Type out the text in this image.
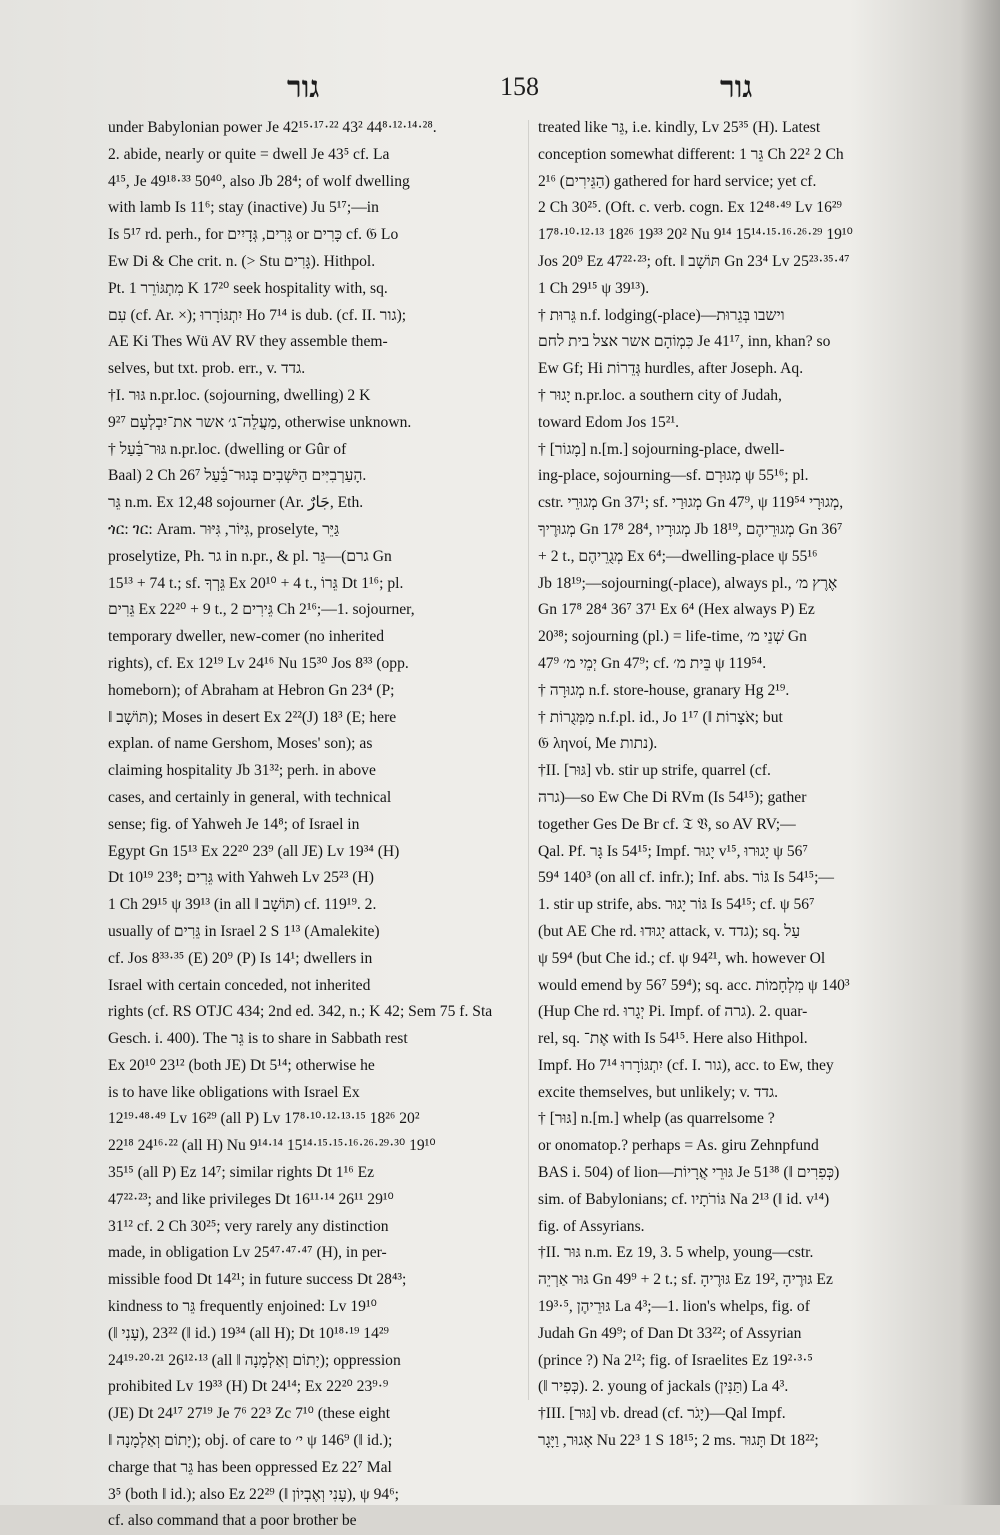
גור	158	גור
under Babylonian power Je 42¹⁵·¹⁷·²² 43² 44⁸·¹²·¹⁴·²⁸.
2. abide, nearly or quite = dwell Je 43⁵ cf. La
4¹⁵, Je 49¹⁸·³³ 50⁴⁰, also Jb 28⁴; of wolf dwelling
with lamb Is 11⁶; stay (inactive) Ju 5¹⁷;—in
Is 5¹⁷ rd. perh., for גָּרִים, גְּדָיִים or כָּרִים cf. 𝔊 Lo
Ew Di & Che crit. n. (> Stu גָּרִים). Hithpol.
Pt. מִתְגּוֹרֵר 1 K 17²⁰ seek hospitality with, sq.
עִם (cf. Ar. ×); יִתְגּוֹרָרוּ Ho 7¹⁴ is dub. (cf. II. גור);
AE Ki Thes Wü AV RV they assemble them-
selves, but txt. prob. err., v. גדד.
†I. גּוּר n.pr.loc. (sojourning, dwelling) 2 K
9²⁷ מַעֲלֵה־ג׳ אשר את־יִבְלְעָם, otherwise unknown.
† גּוּר־בַּ֫עַל n.pr.loc. (dwelling or Gûr of
Baal) 2 Ch 26⁷ הָעַרְבִיִּים הַיֹּשְׁבִים בְּגוּר־בַּ֫עַל.
גֵּר n.m. Ex 12,48 sojourner (Ar. جَارٌ, Eth.
ጎር: ገር: Aram. גִּיּוֹר, גִּיּוּר, proselyte, גַּיֵּר
proselytize, Ph. גר in n.pr., & pl. גרם)—גֵּר Gn
15¹³ + 74 t.; sf. גֵּרְךָ Ex 20¹⁰ + 4 t., גֵּרוֹ Dt 1¹⁶; pl.
גֵּרִים Ex 22²⁰ + 9 t., גֵּירִים 2 Ch 2¹⁶;—1. sojourner,
temporary dweller, new-comer (no inherited
rights), cf. Ex 12¹⁹ Lv 24¹⁶ Nu 15³⁰ Jos 8³³ (opp.
homeborn); of Abraham at Hebron Gn 23⁴ (P;
‖ תּוֹשָׁב); Moses in desert Ex 2²²(J) 18³ (E; here
explan. of name Gershom, Moses' son); as
claiming hospitality Jb 31³²; perh. in above
cases, and certainly in general, with technical
sense; fig. of Yahweh Je 14⁸; of Israel in
Egypt Gn 15¹³ Ex 22²⁰ 23⁹ (all JE) Lv 19³⁴ (H)
Dt 10¹⁹ 23⁸; גֵּרִים with Yahweh Lv 25²³ (H)
1 Ch 29¹⁵ ψ 39¹³ (in all ‖ תּוֹשָׁב) cf. 119¹⁹. 2.
usually of גֵּרִים in Israel 2 S 1¹³ (Amalekite)
cf. Jos 8³³·³⁵ (E) 20⁹ (P) Is 14¹; dwellers in
Israel with certain conceded, not inherited
rights (cf. RS OTJC 434; 2nd ed. 342, n.; K 42; Sem 75 f. Sta
Gesch. i. 400). The גֵּר is to share in Sabbath rest
Ex 20¹⁰ 23¹² (both JE) Dt 5¹⁴; otherwise he
is to have like obligations with Israel Ex
12¹⁹·⁴⁸·⁴⁹ Lv 16²⁹ (all P) Lv 17⁸·¹⁰·¹²·¹³·¹⁵ 18²⁶ 20²
22¹⁸ 24¹⁶·²² (all H) Nu 9¹⁴·¹⁴ 15¹⁴·¹⁵·¹⁵·¹⁶·²⁶·²⁹·³⁰ 19¹⁰
35¹⁵ (all P) Ez 14⁷; similar rights Dt 1¹⁶ Ez
47²²·²³; and like privileges Dt 16¹¹·¹⁴ 26¹¹ 29¹⁰
31¹² cf. 2 Ch 30²⁵; very rarely any distinction
made, in obligation Lv 25⁴⁷·⁴⁷·⁴⁷ (H), in per-
missible food Dt 14²¹; in future success Dt 28⁴³;
kindness to גֵּר frequently enjoined: Lv 19¹⁰
(‖ עָנִי), 23²² (‖ id.) 19³⁴ (all H); Dt 10¹⁸·¹⁹ 14²⁹
24¹⁹·²⁰·²¹ 26¹²·¹³ (all ‖ יָתוֹם וְאַלְמָנָה); oppression
prohibited Lv 19³³ (H) Dt 24¹⁴; Ex 22²⁰ 23⁹·⁹
(JE) Dt 24¹⁷ 27¹⁹ Je 7⁶ 22³ Zc 7¹⁰ (these eight
‖ יָתוֹם וְאַלְמָנָה); obj. of care to י׳ ψ 146⁹ (‖ id.);
charge that גֵּר has been oppressed Ez 22⁷ Mal
3⁵ (both ‖ id.); also Ez 22²⁹ (‖ עָנִי וְאֶבְיוֹן), ψ 94⁶;
cf. also command that a poor brother be
treated like גֵּר, i.e. kindly, Lv 25³⁵ (H). Latest
conception somewhat different: גֵּר 1 Ch 22² 2 Ch
2¹⁶ (הַגֵּירִים) gathered for hard service; yet cf.
2 Ch 30²⁵. (Oft. c. verb. cogn. Ex 12⁴⁸·⁴⁹ Lv 16²⁹
17⁸·¹⁰·¹²·¹³ 18²⁶ 19³³ 20² Nu 9¹⁴ 15¹⁴·¹⁵·¹⁶·²⁶·²⁹ 19¹⁰
Jos 20⁹ Ez 47²²·²³; oft. ‖ תּוֹשָׁב Gn 23⁴ Lv 25²³·³⁵·⁴⁷
1 Ch 29¹⁵ ψ 39¹³).
† גֵּרוּת n.f. lodging(-place)—וישבו בְּגֵרוּת
כִּמְוֹהָם אשר אצל בית לחם Je 41¹⁷, inn, khan? so
Ew Gf; Hi גְּדֵרוֹת hurdles, after Joseph. Aq.
† יָגוּר n.pr.loc. a southern city of Judah,
toward Edom Jos 15²¹.
† [מָגוֹר] n.[m.] sojourning-place, dwell-
ing-place, sojourning—sf. מְגוּרָם ψ 55¹⁶; pl.
cstr. מְגוּרֵי Gn 37¹; sf. מְגוּרַי Gn 47⁹, ψ מְגוּרָי 119⁵⁴,
מְגוּרֶיךָ Gn 17⁸ 28⁴, מְגוּרָיו Jb 18¹⁹, מְגוּרֵיהֶם Gn 36⁷
+ 2 t., מְגֻרֵיהֶם Ex 6⁴;—dwelling-place ψ 55¹⁶
Jb 18¹⁹;—sojourning(-place), always pl., אֶרֶץ מ׳
Gn 17⁸ 28⁴ 36⁷ 37¹ Ex 6⁴ (Hex always P) Ez
20³⁸; sojourning (pl.) = life-time, שְׁנֵי מ׳ Gn
47⁹ יְמֵי מ׳ Gn 47⁹; cf. בֵּית מ׳ ψ 119⁵⁴.
† מְגוּרָה n.f. store-house, granary Hg 2¹⁹.
† מַמְּגֻרוֹת n.f.pl. id., Jo 1¹⁷ (‖ אֹצָרוֹת; but
𝔊 ληνοί, Me נתות).
†II. [גּוּר] vb. stir up strife, quarrel (cf.
גרה)—so Ew Che Di RVm (Is 54¹⁵); gather
together Ges De Br cf. 𝔗 𝔙, so AV RV;—
Qal. Pf. גָּר Is 54¹⁵; Impf. יָגוּר v¹⁵, יָגוּרוּ ψ 56⁷
59⁴ 140³ (on all cf. infr.); Inf. abs. גּוֹר Is 54¹⁵;—
1. stir up strife, abs. גּוֹר יָגוּר Is 54¹⁵; cf. ψ 56⁷
(but AE Che rd. יָגוּדוּ attack, v. גדד); sq. עַל
ψ 59⁴ (but Che id.; cf. ψ 94²¹, wh. however Ol
would emend by 56⁷ 59⁴); sq. acc. מִלְחָמוֹת ψ 140³
(Hup Che rd. יְגָרוּ Pi. Impf. of גרה). 2. quar-
rel, sq. אֶת־ with Is 54¹⁵. Here also Hithpol.
Impf. Ho 7¹⁴ יִתְגּוֹרָרוּ (cf. I. גור), acc. to Ew, they
excite themselves, but unlikely; v. גדד.
† [גּוּר] n.[m.] whelp (as quarrelsome ?
or onomatop.? perhaps = As. giru Zehnpfund
BAS i. 504) of lion—גּוּרֵי אֲרָיוֹת Je 51³⁸ (‖ כְּפִרִים)
sim. of Babylonians; cf. גּוֹרֹתָיו Na 2¹³ (‖ id. v¹⁴)
fig. of Assyrians.
†II. גּוּר n.m. Ez 19, 3. 5 whelp, young—cstr.
גּוּר אַרְיֵה Gn 49⁹ + 2 t.; sf. גּוּרֶיהָ Ez 19², גּוּרֶיהָ Ez
19³·⁵, גּוּרֵיהֶן La 4³;—1. lion's whelps, fig. of
Judah Gn 49⁹; of Dan Dt 33²²; of Assyrian
(prince ?) Na 2¹²; fig. of Israelites Ez 19²·³·⁵
(‖ כְּפִיר). 2. young of jackals (תַּנִּין) La 4³.
†III. [גּוּר] vb. dread (cf. יָגֹר)—Qal Impf.
אָגוּר, וַיָּגָר Nu 22³ 1 S 18¹⁵; 2 ms. תָּגוּר Dt 18²²;
